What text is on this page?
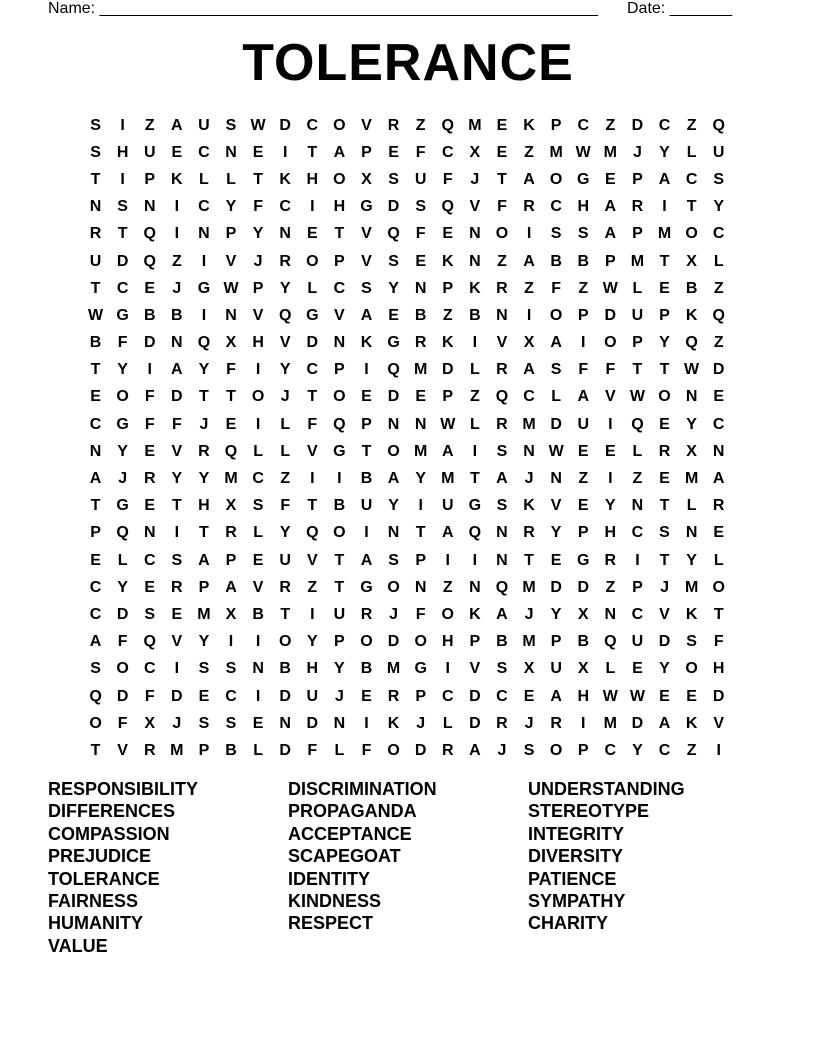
Name: ________________________________________________________ Date: _______
TOLERANCE
S	I	Z	A U S W D C O V R	Z Q M E K P C	Z	D C	Z Q
S H U E C N E	I	T	A P	E	F	C X	E	Z M W M J	Y	L	U
T	I	P K	L	L	T	K H O X	S U	F	J	T	A O G E	P A C S
N S N	I	C Y	F	C	I	H G D S Q V	F	R C H A R	I	T	Y
R	T Q	I	N P	Y N E	T	V Q F	E N O	I	S	S A P M O C
U D Q Z	I	V	J	R O P	V	S	E K N	Z	A B B P M T	X	L
T	C E	J	G W P	Y	L	C S	Y N P K R	Z	F	Z W L	E B	Z
W G B B	I	N V Q G V A E B	Z	B N	I	O P D U P K Q
B	F	D N Q X H V D N K G R K	I	V	X A	I	O P	Y Q Z
T	Y	I	A Y	F	I	Y C P	I	Q M D	L	R A S	F	F	T	T W D
E O F	D	T	T O	J	T O E D E	P	Z Q C	L	A V W O N E
C G F	F	J	E	I	L	F Q P N N W L	R M D U	I	Q E	Y C
N Y	E	V R Q L	L	V G T O M A	I	S N W E	E	L	R X N
A	J	R Y	Y M C	Z	I	I	B A Y M T	A	J	N	Z	I	Z	E M A
T G E	T	H X	S	F	T	B U Y	I	U G S K V	E	Y N	T	L	R
P Q N	I	T	R	L	Y Q O	I	N	T	A Q N R Y	P H C S N E
E	L	C S A P	E U V	T	A S	P	I	I	N	T	E G R	I	T	Y	L
C Y	E R P A V R	Z	T G O N	Z	N Q M D D	Z	P	J M O
C D S	E M X B	T	I	U R	J	F O K A	J	Y	X N C V K	T
A	F Q V	Y	I	I	O Y	P O D O H P B M P B Q U D S	F
S O C	I	S	S N B H Y B M G	I	V	S	X U X	L	E	Y O H
Q D	F	D E C	I	D U	J	E R P C D C E A H W W E	E D
O F	X	J	S	S	E N D N	I	K	J	L	D R	J	R	I	M D A K V
T	V R M P B	L	D	F	L	F O D R A	J	S O P C Y C	Z	I
RESPONSIBILITY
DIFFERENCES
COMPASSION
PREJUDICE
TOLERANCE
FAIRNESS
HUMANITY
VALUE
DISCRIMINATION
PROPAGANDA
ACCEPTANCE
SCAPEGOAT
IDENTITY
KINDNESS
RESPECT
UNDERSTANDING
STEREOTYPE
INTEGRITY
DIVERSITY
PATIENCE
SYMPATHY
CHARITY
